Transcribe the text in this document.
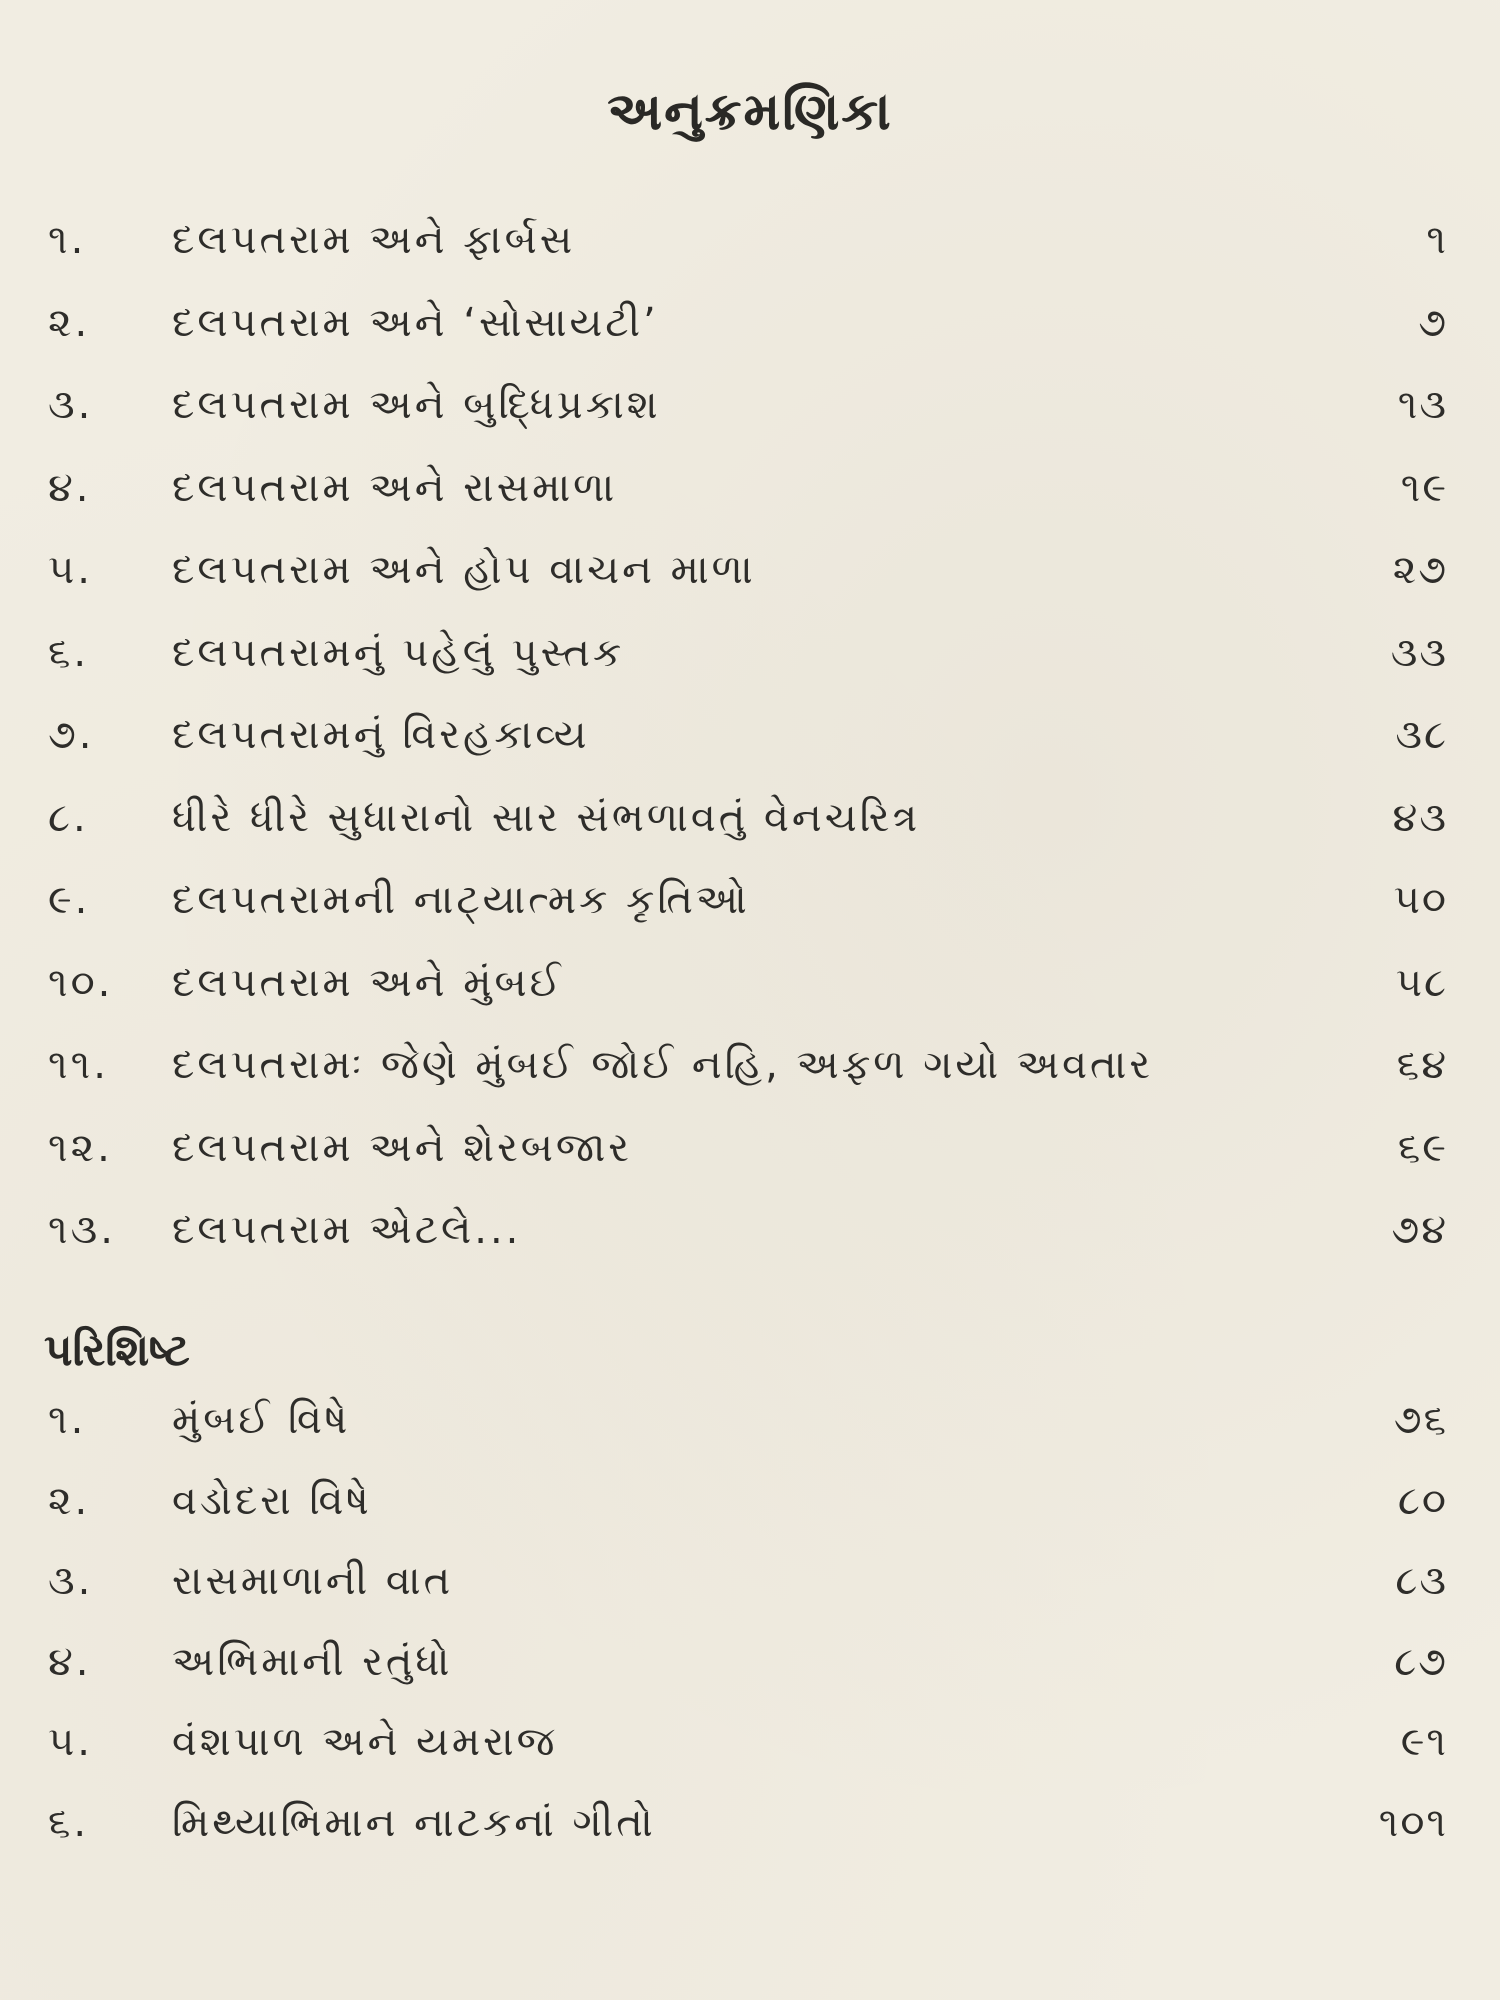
અનુક્રમણિકા
૧. દલપતરામ અને ફાર્બસ	૧
૨. દલપતરામ અને ‘સોસાયટી’	૭
૩. દલપતરામ અને બુદ્ધિપ્રકાશ	૧૩
૪. દલપતરામ અને રાસમાળા	૧૯
૫. દલપતરામ અને હોપ વાચન માળા	૨૭
૬. દલપતરામનું પહેલું પુસ્તક	૩૩
૭. દલપતરામનું વિરહકાવ્ય	૩૮
૮. ધીરે ધીરે સુધારાનો સાર સંભળાવતું વેનચરિત્ર	૪૩
૯. દલપતરામની નાટ્યાત્મક કૃતિઓ	૫૦
૧૦. દલપતરામ અને મુંબઈ	૫૮
૧૧. દલપતરામઃ જેણે મુંબઈ જોઈ નહિ, અફળ ગયો અવતાર	૬૪
૧૨. દલપતરામ અને શેરબજાર	૬૯
૧૩. દલપતરામ એટલે...	૭૪
પરિશિષ્ટ
૧. મુંબઈ વિષે	૭૬
૨. વડોદરા વિષે	૮૦
૩. રાસમાળાની વાત	૮૩
૪. અભિમાની રતુંધો	૮૭
૫. વંશપાળ અને યમરાજ	૯૧
૬. મિથ્યાભિમાન નાટકનાં ગીતો	૧૦૧
